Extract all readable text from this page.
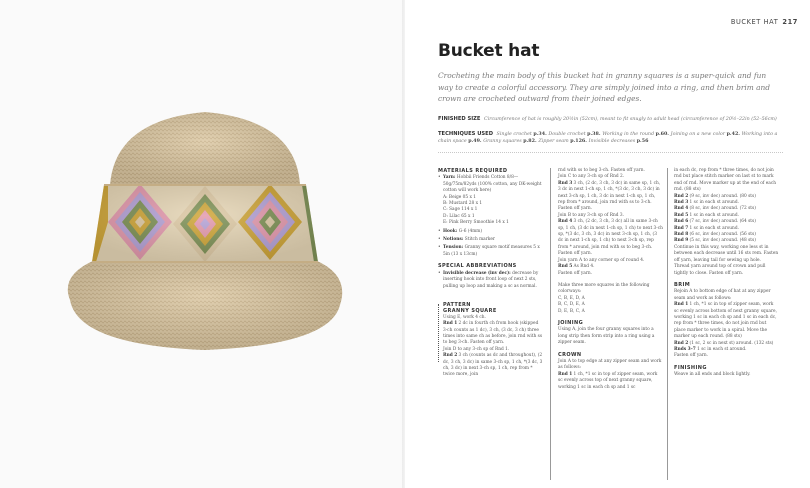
BUCKET HAT 217
Bucket hat
Crocheting the main body of this bucket hat in granny squares is a super-quick and fun way to create a colorful accessory. They are simply joined into a ring, and then brim and crown are crocheted outward from their joined edges.
FINISHED SIZE Circumference of hat is roughly 20½in (52cm), meant to fit snugly to adult head (circumference of 20½–22in (52–56cm)
TECHNIQUES USED Single crochet p.34. Double crochet p.38. Working in the round p.60. Joining on a new color p.42. Working into a chain space p.49. Granny squares p.82. Zipper seam p.126. Invisible decreases p.56
MATERIALS REQUIRED
• Yarn: Hobbii Friends Cotton 8/8—50g/75m/82yds (100% cotton, any DK-weight cotton will work here)
A: Beige 05 x 1
B: Mustard 28 x 1
C: Sage 114 x 1
D: Lilac 65 x 1
E: Pink Berry Smoothie 14 x 1
• Hook: G-6 (4mm)
• Notions: Stitch marker
• Tension: Granny square motif measures 5 x 5in (13 x 13cm)
SPECIAL ABBREVIATIONS
• Invisible decrease (inv dec): decrease by inserting hook into front loop of next 2 sts, pulling up loop and making a sc as normal.
PATTERN
GRANNY SQUARE
Using E, work 4 ch.
Rnd 1 2 dc in fourth ch from hook (skipped 3-ch counts as 1 dc), 3 ch, (3 dc, 3 ch) three times into same ch as before, join rnd with ss to beg 3-ch. Fasten off yarn.
Join D to any 3-ch sp of Rnd 1.
Rnd 2 3 ch (counts as dc and throughout), (2 dc, 3 ch, 3 dc) in same 3-ch sp, 1 ch, *(3 dc, 3 ch, 3 dc) in next 3-ch sp, 1 ch, rep from * twice more, join
rnd with ss to beg 3-ch. Fasten off yarn.
Join C to any 3-ch sp of Rnd 2.
Rnd 3 3 ch, (2 dc, 3 ch, 3 dc) in same sp, 1 ch, 3 dc in next 1-ch sp, 1 ch, *(3 dc, 3 ch, 3 dc) in next 3-ch sp, 1 ch, 3 dc in next 1-ch sp, 1 ch, rep from * around, join rnd with ss to 3-ch. Fasten off yarn.
Join B to any 3-ch sp of Rnd 3.
Rnd 4 3 ch, (2 dc, 3 ch, 3 dc) all in same 3-ch sp, 1 ch, (3 dc in next 1-ch sp, 1 ch) to next 3-ch sp, *(3 dc, 3 ch, 3 dc) in next 3-ch sp, 1 ch, (3 dc in next 1-ch sp, 1 ch) to next 3-ch sp, rep from * around, join rnd with ss to beg 3-ch. Fasten off yarn.
Join yarn A to any corner sp of round 4.
Rnd 5 As Rnd 4.
Fasten off yarn.
Make three more squares in the following colorways:
C, B, E, D, A
B, C, D, E, A
D, E, B, C, A
JOINING
Using A, join the four granny squares into a long strip then form strip into a ring using a zipper seam.
CROWN
Join A to top edge at any zipper seam and work as follows:
Rnd 1 1 ch, *1 sc in top of zipper seam, work sc evenly across top of next granny square, working 1 sc in each ch sp and 1 sc
in each dc, rep from * three times, do not join rnd but place stitch marker on last st to mark end of rnd. Move marker up at the end of each rnd. (88 sts)
Rnd 2 (9 sc, inv dec) around. (80 sts)
Rnd 3 1 sc in each st around.
Rnd 4 (8 sc, inv dec) around. (72 sts)
Rnd 5 1 sc in each st around.
Rnd 6 (7 sc, inv dec) around. (64 sts)
Rnd 7 1 sc in each st around.
Rnd 8 (6 sc, inv dec) around. (56 sts)
Rnd 9 (5 sc, inv dec) around. (48 sts)
Continue in this way, working one less st in between each decrease until 16 sts rem. Fasten off yarn, leaving tail for sewing up hole.
Thread yarn around top of crown and pull tightly to close. Fasten off yarn.
BRIM
Rejoin A to bottom edge of hat at any zipper seam and work as follows:
Rnd 1 1 ch, *1 sc in top of zipper seam, work sc evenly across bottom of next granny square, working 1 sc in each ch sp and 1 sc in each dc, rep from * three times, do not join rnd but place marker to work in a spiral. Move the marker up each round. (88 sts)
Rnd 2 (1 sc, 2 sc in next st) around. (132 sts)
Rnds 3–7 1 sc in each st around.
Fasten off yarn.
FINISHING
Weave in all ends and block lightly.
